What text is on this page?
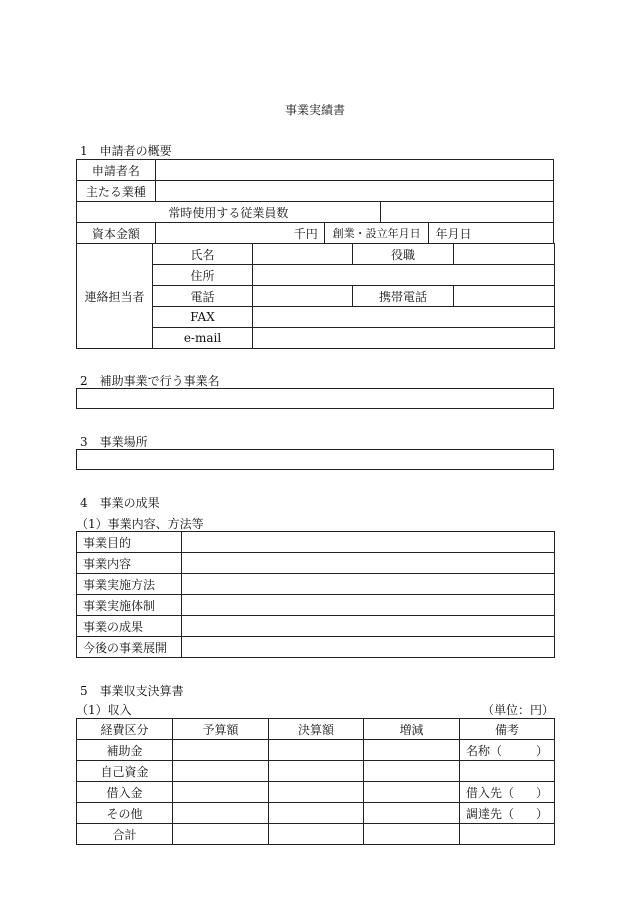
事業実績書
1　申請者の概要
申請者名				
主たる業種				
常時使用する従業員数				
資本金額	千円	創業・設立年月日		年月日
連絡担当者	氏名		役職	
	住所			
	電話		携帯電話	
	FAX			
	e-mail			
2　補助事業で行う事業名
3　事業場所
4　事業の成果
（1）事業内容、方法等
事業目的	
事業内容	
事業実施方法	
事業実施体制	
事業の成果	
今後の事業展開	
5　事業収支決算書
（1）収入	（単位：円）
経費区分	予算額	決算額	増減	備考
補助金				名称（ ）

自己資金				
借入金				借入先（ ）

その他				調達先（ ）

合計				
